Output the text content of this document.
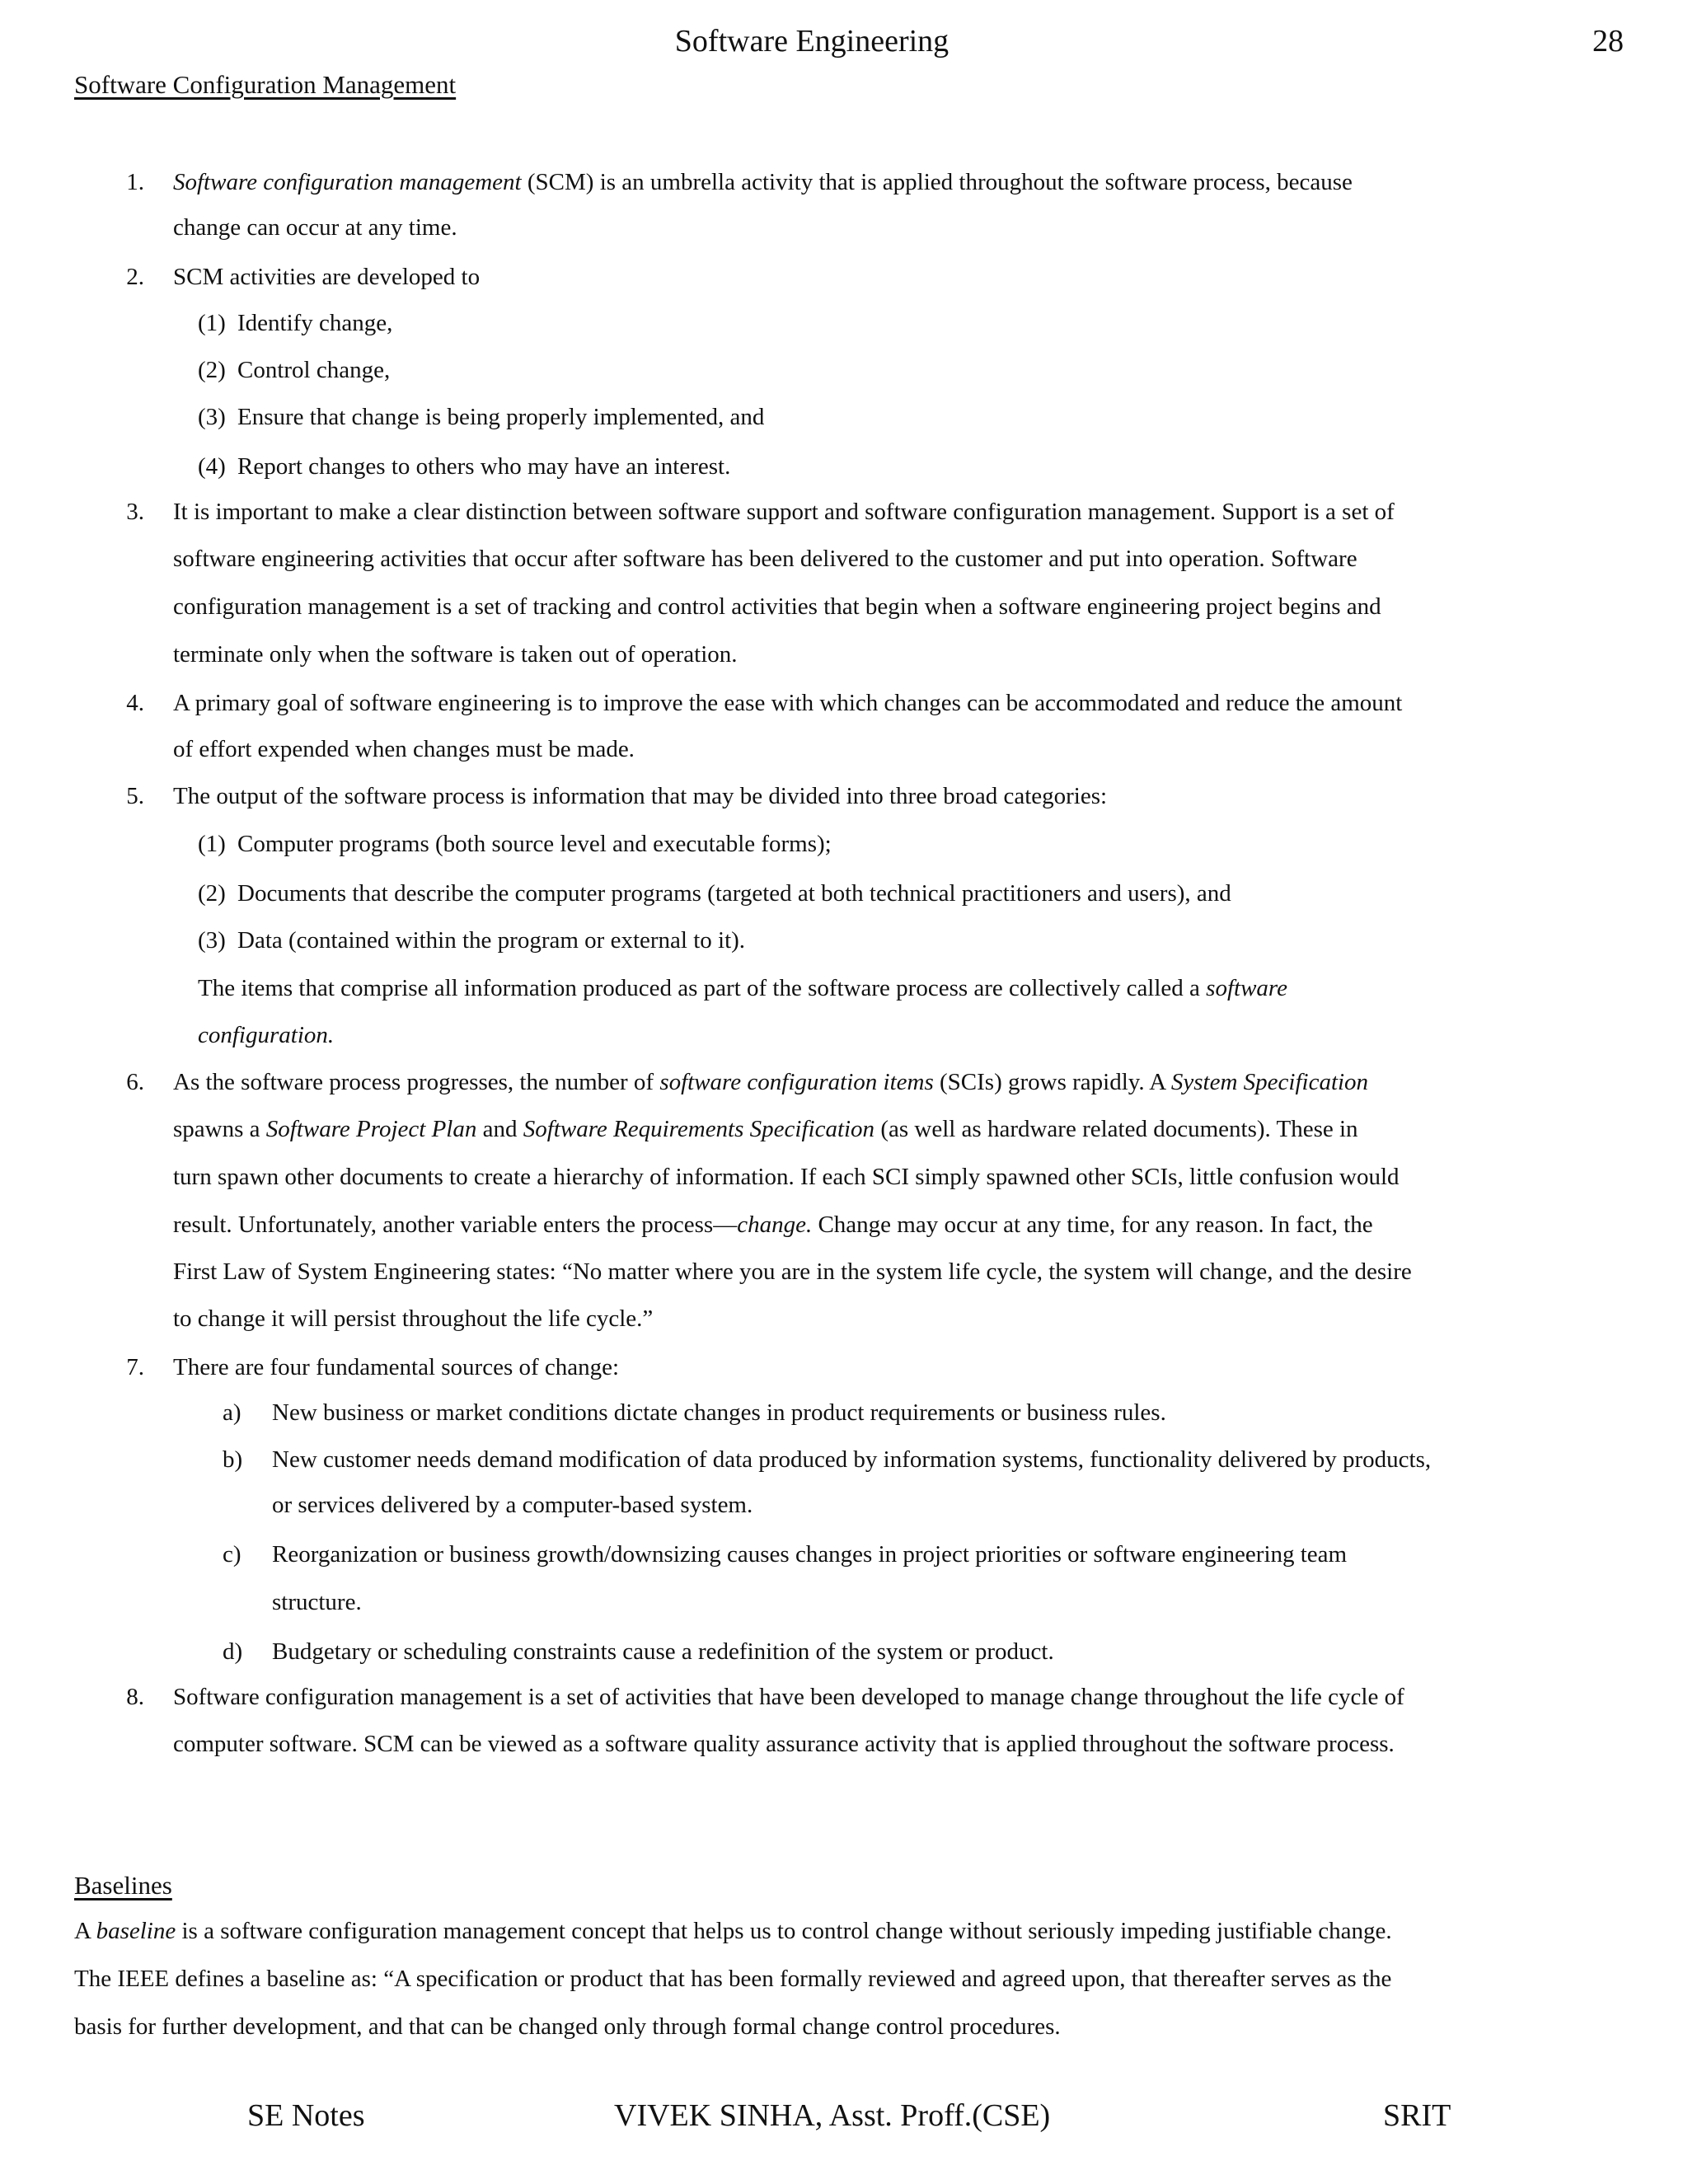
Software Engineering	28
Software Configuration Management
1. Software configuration management (SCM) is an umbrella activity that is applied throughout the software process, because
change can occur at any time.
2. SCM activities are developed to
(1) Identify change,
(2) Control change,
(3) Ensure that change is being properly implemented, and
(4) Report changes to others who may have an interest.
3. It is important to make a clear distinction between software support and software configuration management. Support is a set of
software engineering activities that occur after software has been delivered to the customer and put into operation. Software
configuration management is a set of tracking and control activities that begin when a software engineering project begins and
terminate only when the software is taken out of operation.
4. A primary goal of software engineering is to improve the ease with which changes can be accommodated and reduce the amount
of effort expended when changes must be made.
5. The output of the software process is information that may be divided into three broad categories:
(1) Computer programs (both source level and executable forms);
(2) Documents that describe the computer programs (targeted at both technical practitioners and users), and
(3) Data (contained within the program or external to it).
The items that comprise all information produced as part of the software process are collectively called a software
configuration.
6. As the software process progresses, the number of software configuration items (SCIs) grows rapidly. A System Specification
spawns a Software Project Plan and Software Requirements Specification (as well as hardware related documents). These in
turn spawn other documents to create a hierarchy of information. If each SCI simply spawned other SCIs, little confusion would
result. Unfortunately, another variable enters the process—change. Change may occur at any time, for any reason. In fact, the
First Law of System Engineering states: “No matter where you are in the system life cycle, the system will change, and the desire
to change it will persist throughout the life cycle.”
7. There are four fundamental sources of change:
a) New business or market conditions dictate changes in product requirements or business rules.
b) New customer needs demand modification of data produced by information systems, functionality delivered by products,
or services delivered by a computer-based system.
c) Reorganization or business growth/downsizing causes changes in project priorities or software engineering team
structure.
d) Budgetary or scheduling constraints cause a redefinition of the system or product.
8. Software configuration management is a set of activities that have been developed to manage change throughout the life cycle of
computer software. SCM can be viewed as a software quality assurance activity that is applied throughout the software process.
Baselines
A baseline is a software configuration management concept that helps us to control change without seriously impeding justifiable change.
The IEEE defines a baseline as: “A specification or product that has been formally reviewed and agreed upon, that thereafter serves as the
basis for further development, and that can be changed only through formal change control procedures.
SE Notes	VIVEK SINHA, Asst. Proff.(CSE)	SRIT
